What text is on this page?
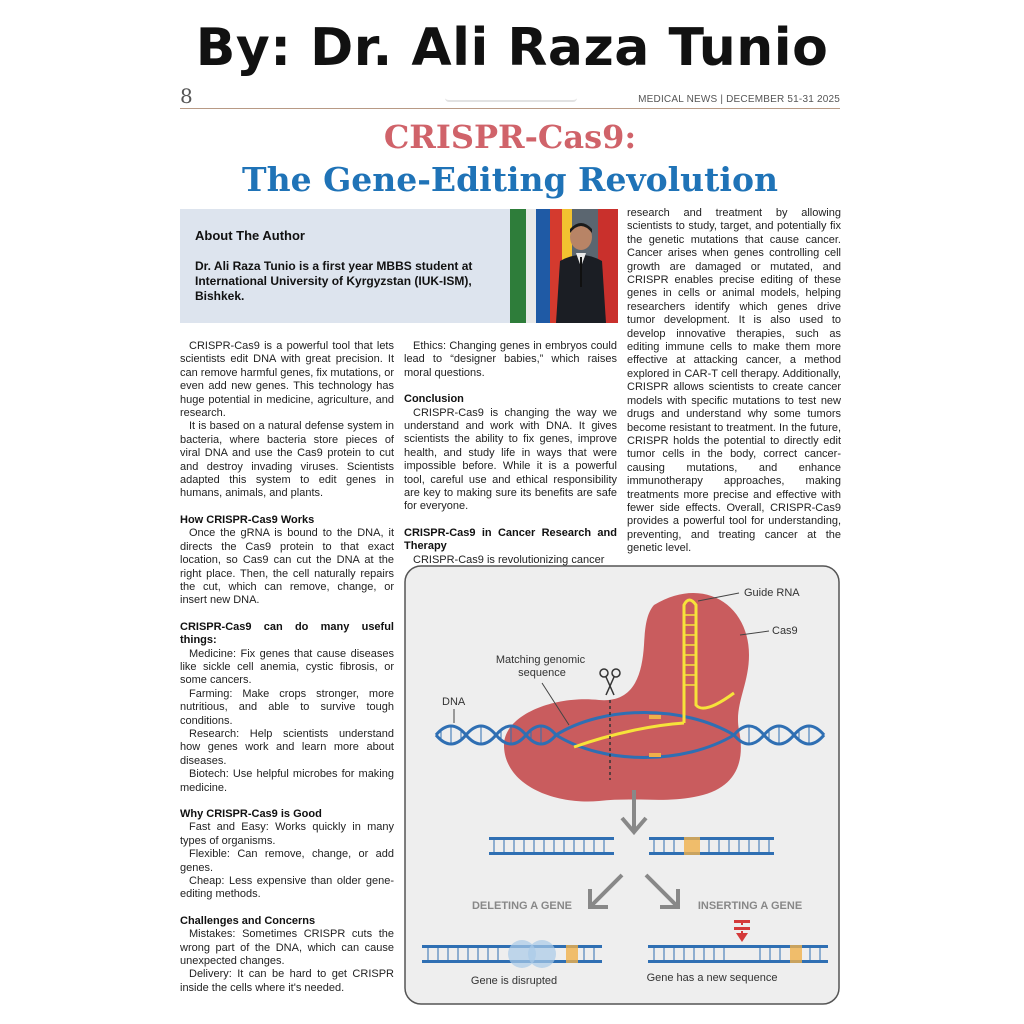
By: Dr. Ali Raza Tunio
8	MEDICAL NEWS | DECEMBER 51-31 2025
CRISPR-Cas9:
The Gene-Editing Revolution
About The Author
Dr. Ali Raza Tunio is a first year MBBS student at International University of Kyrgyzstan (IUK-ISM), Bishkek.

CRISPR-Cas9 is a powerful tool that lets scientists edit DNA with great precision. It can remove harmful genes, fix mutations, or even add new genes. This technology has huge potential in medicine, agriculture, and research.

It is based on a natural defense system in bacteria, where bacteria store pieces of viral DNA and use the Cas9 protein to cut and destroy invading viruses. Scientists adapted this system to edit genes in humans, animals, and plants.

How CRISPR-Cas9 Works

Once the gRNA is bound to the DNA, it directs the Cas9 protein to that exact location, so Cas9 can cut the DNA at the right place. Then, the cell naturally repairs the cut, which can remove, change, or insert new DNA.

CRISPR-Cas9 can do many useful things:

Medicine: Fix genes that cause diseases like sickle cell anemia, cystic fibrosis, or some cancers.

Farming: Make crops stronger, more nutritious, and able to survive tough conditions.

Research: Help scientists understand how genes work and learn more about diseases.

Biotech: Use helpful microbes for making medicine.

Why CRISPR-Cas9 is Good

Fast and Easy: Works quickly in many types of organisms.

Flexible: Can remove, change, or add genes.

Cheap: Less expensive than older gene-editing methods.

Challenges and Concerns

Mistakes: Sometimes CRISPR cuts the wrong part of the DNA, which can cause unexpected changes.

Delivery: It can be hard to get CRISPR inside the cells where it's needed.

Ethics: Changing genes in embryos could lead to “designer babies,” which raises moral questions.

Conclusion

CRISPR-Cas9 is changing the way we understand and work with DNA. It gives scientists the ability to fix genes, improve health, and study life in ways that were impossible before. While it is a powerful tool, careful use and ethical responsibility are key to making sure its benefits are safe for everyone.

CRISPR-Cas9 in Cancer Research and Therapy

CRISPR-Cas9 is revolutionizing cancer

research and treatment by allowing scientists to study, target, and potentially fix the genetic mutations that cause cancer. Cancer arises when genes controlling cell growth are damaged or mutated, and CRISPR enables precise editing of these genes in cells or animal models, helping researchers identify which genes drive tumor development. It is also used to develop innovative therapies, such as editing immune cells to make them more effective at attacking cancer, a method explored in CAR-T cell therapy. Additionally, CRISPR allows scientists to create cancer models with specific mutations to test new drugs and understand why some tumors become resistant to treatment. In the future, CRISPR holds the potential to directly edit tumor cells in the body, correct cancer-causing mutations, and enhance immunotherapy approaches, making treatments more precise and effective with fewer side effects. Overall, CRISPR-Cas9 provides a powerful tool for understanding, preventing, and treating cancer at the genetic level.

Guide RNA
Cas9
Matching genomic sequence
DNA
DELETING A GENE	INSERTING A GENE
Gene is disrupted	Gene has a new sequence
